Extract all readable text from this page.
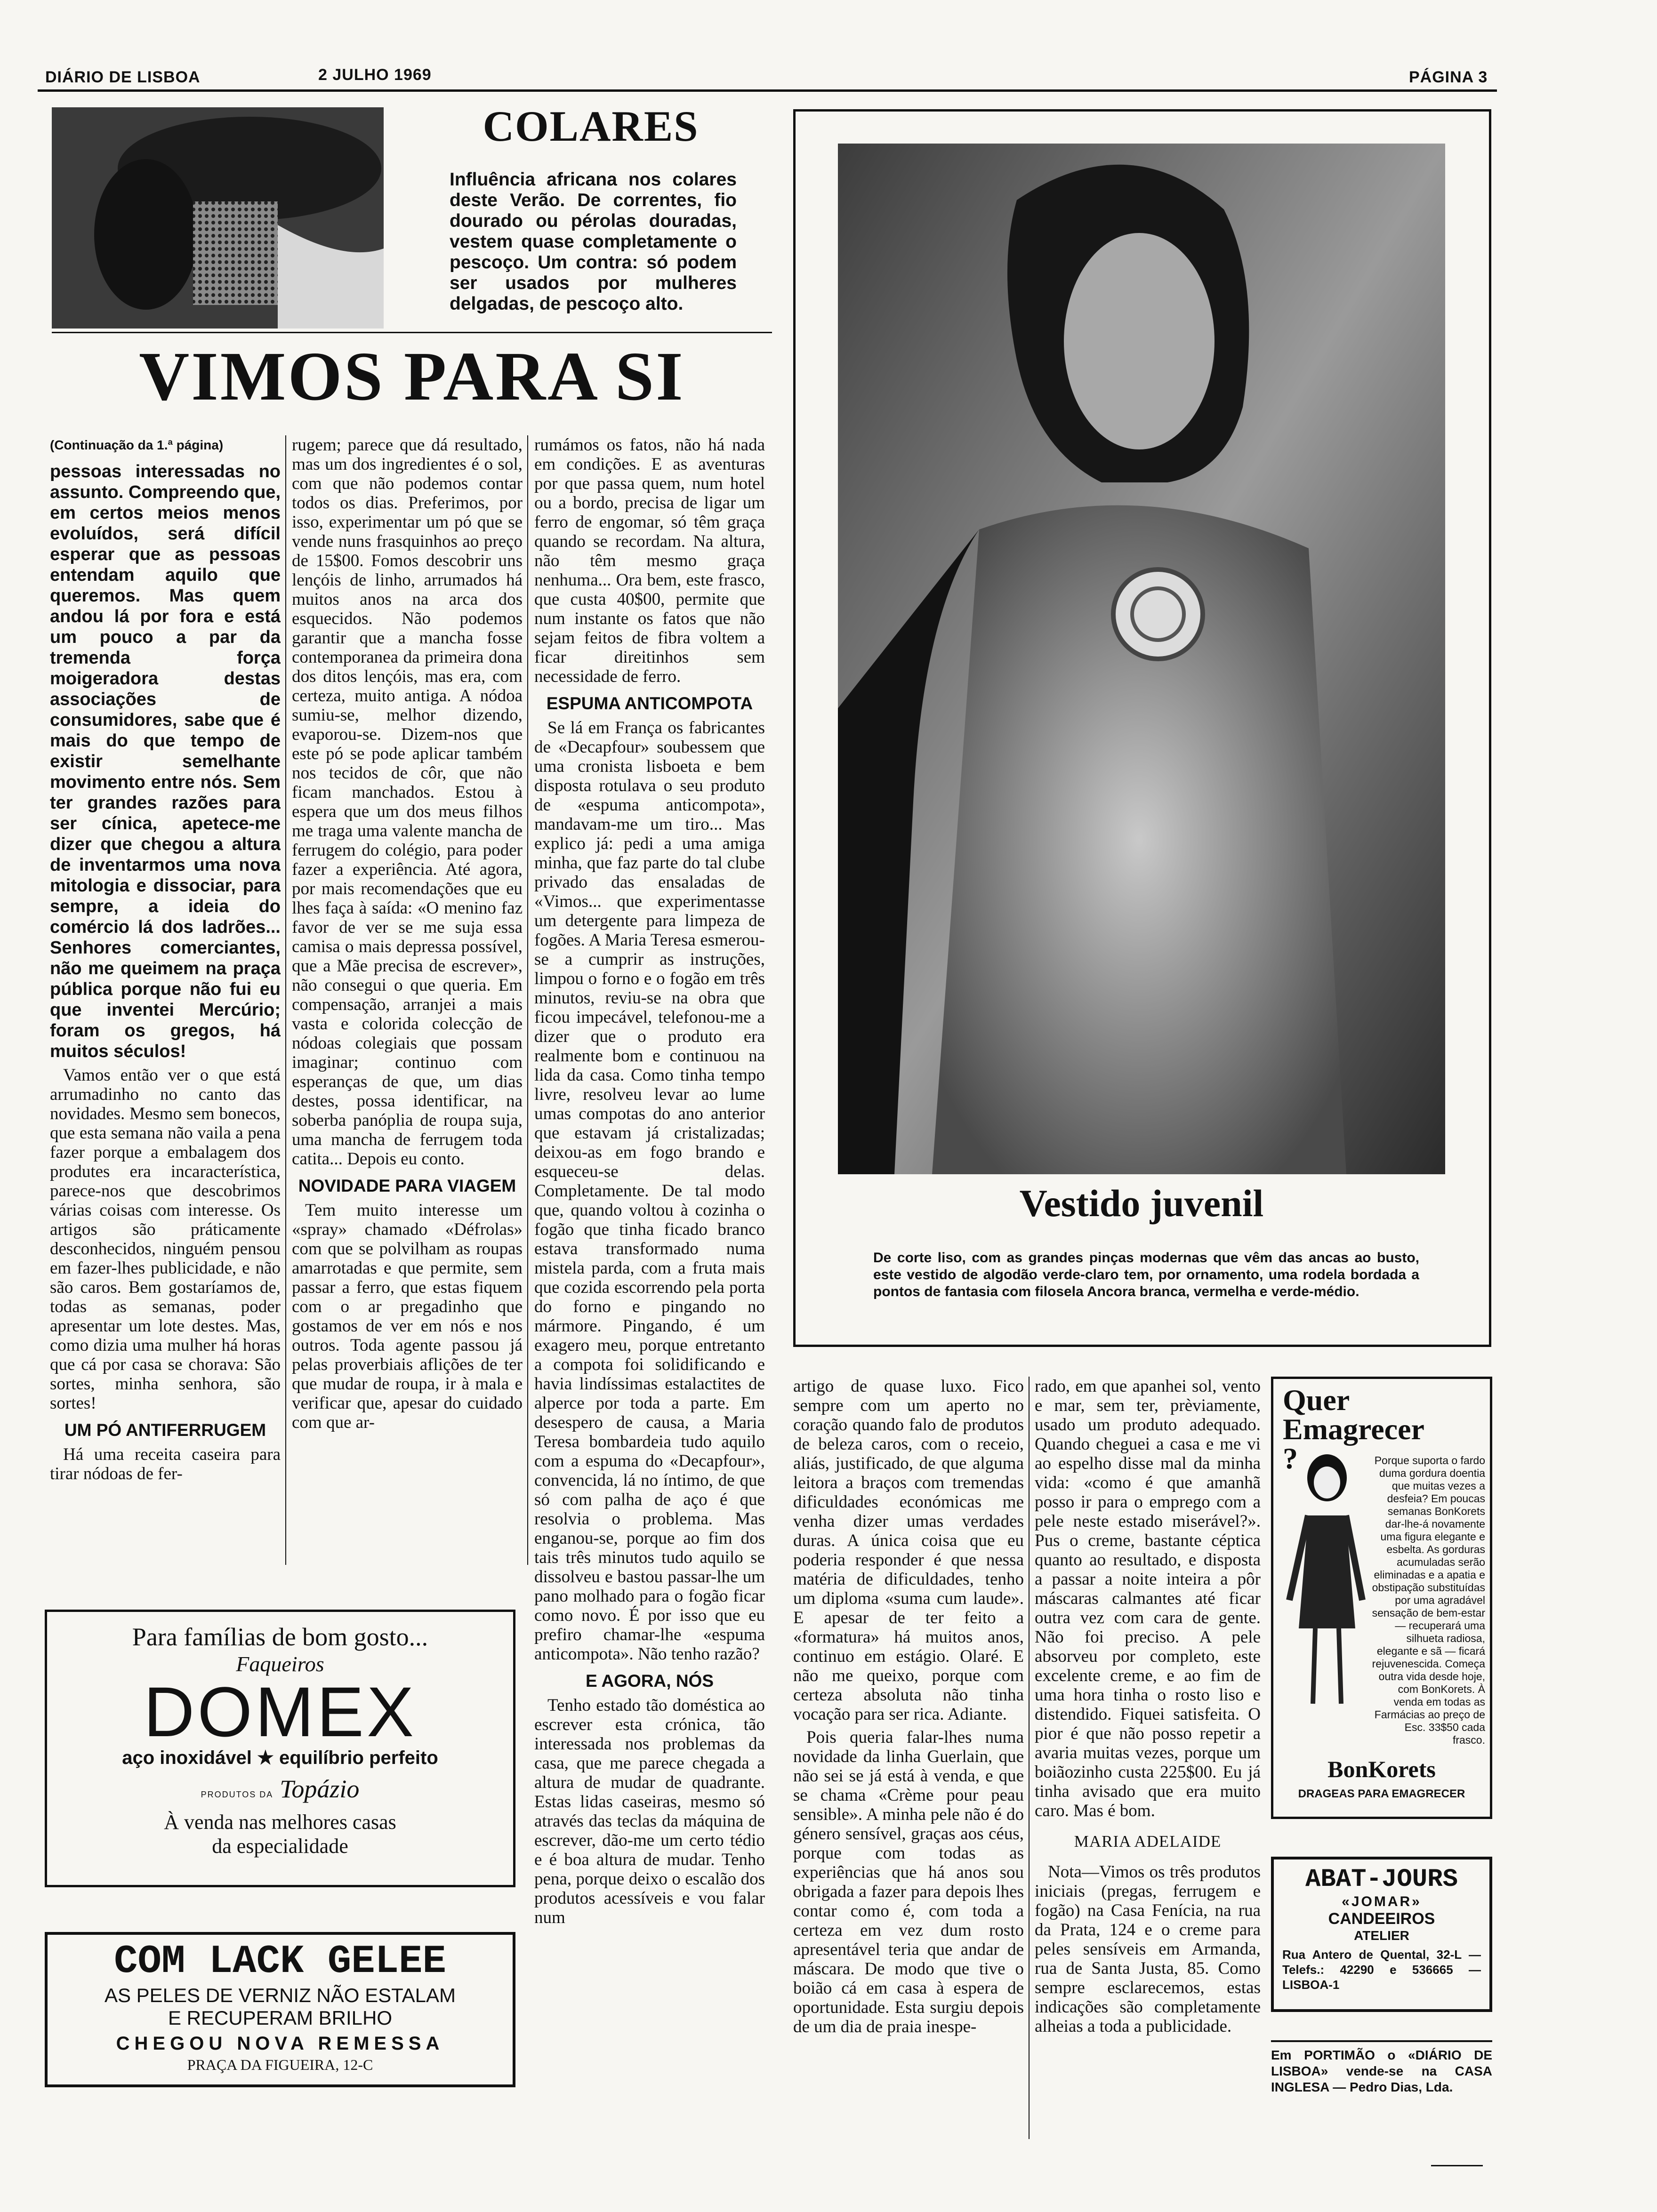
DIÁRIO DE LISBOA	2 JULHO 1969	PÁGINA 3
COLARES
Influência africana nos colares deste Verão. De correntes, fio dourado ou pérolas douradas, vestem quase completamente o pescoço. Um contra: só podem ser usados por mulheres delgadas, de pescoço alto.
VIMOS PARA SI
(Continuação da 1.ª página)

pessoas interessadas no assunto. Compreendo que, em certos meios menos evoluídos, será difícil esperar que as pessoas entendam aquilo que queremos. Mas quem andou lá por fora e está um pouco a par da tremenda força moigeradora destas associações de consumidores, sabe que é mais do que tempo de existir semelhante movimento entre nós. Sem ter grandes razões para ser cínica, apetece-me dizer que chegou a altura de inventarmos uma nova mitologia e dissociar, para sempre, a ideia do comércio lá dos ladrões... Senhores comerciantes, não me queimem na praça pública porque não fui eu que inventei Mercúrio; foram os gregos, há muitos séculos!

Vamos então ver o que está arrumadinho no canto das novidades. Mesmo sem bonecos, que esta semana não vaila a pena fazer porque a embalagem dos produtes era incaracterística, parece-nos que descobrimos várias coisas com interesse. Os artigos são práticamente desconhecidos, ninguém pensou em fazer-lhes publicidade, e não são caros. Bem gostaríamos de, todas as semanas, poder apresentar um lote destes. Mas, como dizia uma mulher há horas que cá por casa se chorava: São sortes, minha senhora, são sortes!

UM PÓ ANTIFERRUGEM

Há uma receita caseira para tirar nódoas de fer-

rugem; parece que dá resultado, mas um dos ingredientes é o sol, com que não podemos contar todos os dias. Preferimos, por isso, experimentar um pó que se vende nuns frasquinhos ao preço de 15$00. Fomos descobrir uns lençóis de linho, arrumados há muitos anos na arca dos esquecidos. Não podemos garantir que a mancha fosse contemporanea da primeira dona dos ditos lençóis, mas era, com certeza, muito antiga. A nódoa sumiu-se, melhor dizendo, evaporou-se. Dizem-nos que este pó se pode aplicar também nos tecidos de côr, que não ficam manchados. Estou à espera que um dos meus filhos me traga uma valente mancha de ferrugem do colégio, para poder fazer a experiência. Até agora, por mais recomendações que eu lhes faça à saída: «O menino faz favor de ver se me suja essa camisa o mais depressa possível, que a Mãe precisa de escrever», não consegui o que queria. Em compensação, arranjei a mais vasta e colorida colecção de nódoas colegiais que possam imaginar; continuo com esperanças de que, um dias destes, possa identificar, na soberba panóplia de roupa suja, uma mancha de ferrugem toda catita... Depois eu conto.

NOVIDADE PARA VIAGEM

Tem muito interesse um «spray» chamado «Défrolas» com que se polvilham as roupas amarrotadas e que permite, sem passar a ferro, que estas fiquem com o ar pregadinho que gostamos de ver em nós e nos outros. Toda agente passou já pelas proverbiais aflições de ter que mudar de roupa, ir à mala e verificar que, apesar do cuidado com que ar-

rumámos os fatos, não há nada em condições. E as aventuras por que passa quem, num hotel ou a bordo, precisa de ligar um ferro de engomar, só têm graça quando se recordam. Na altura, não têm mesmo graça nenhuma... Ora bem, este frasco, que custa 40$00, permite que num instante os fatos que não sejam feitos de fibra voltem a ficar direitinhos sem necessidade de ferro.

ESPUMA ANTICOMPOTA

Se lá em França os fabricantes de «Decapfour» soubessem que uma cronista lisboeta e bem disposta rotulava o seu produto de «espuma anticompota», mandavam-me um tiro... Mas explico já: pedi a uma amiga minha, que faz parte do tal clube privado das ensaladas de «Vimos... que experimentasse um detergente para limpeza de fogões. A Maria Teresa esmerou-se a cumprir as instruções, limpou o forno e o fogão em três minutos, reviu-se na obra que ficou impecável, telefonou-me a dizer que o produto era realmente bom e continuou na lida da casa. Como tinha tempo livre, resolveu levar ao lume umas compotas do ano anterior que estavam já cristalizadas; deixou-as em fogo brando e esqueceu-se delas. Completamente. De tal modo que, quando voltou à cozinha o fogão que tinha ficado branco estava transformado numa mistela parda, com a fruta mais que cozida escorrendo pela porta do forno e pingando no mármore. Pingando, é um exagero meu, porque entretanto a compota foi solidificando e havia lindíssimas estalactites de alperce por toda a parte. Em desespero de causa, a Maria Teresa bombardeia tudo aquilo com a espuma do «Decapfour», convencida, lá no íntimo, de que só com palha de aço é que resolvia o problema. Mas enganou-se, porque ao fim dos tais três minutos tudo aquilo se dissolveu e bastou passar-lhe um pano molhado para o fogão ficar como novo. É por isso que eu prefiro chamar-lhe «espuma anticompota». Não tenho razão?

E AGORA, NÓS

Tenho estado tão doméstica ao escrever esta crónica, tão interessada nos problemas da casa, que me parece chegada a altura de mudar de quadrante. Estas lidas caseiras, mesmo só através das teclas da máquina de escrever, dão-me um certo tédio e é boa altura de mudar. Tenho pena, porque deixo o escalão dos produtos acessíveis e vou falar num

Vestido juvenil
De corte liso, com as grandes pinças modernas que vêm das ancas ao busto, este vestido de algodão verde-claro tem, por ornamento, uma rodela bordada a pontos de fantasia com filosela Ancora branca, vermelha e verde-médio.

artigo de quase luxo. Fico sempre com um aperto no coração quando falo de produtos de beleza caros, com o receio, aliás, justificado, de que alguma leitora a braços com tremendas dificuldades económicas me venha dizer umas verdades duras. A única coisa que eu poderia responder é que nessa matéria de dificuldades, tenho um diploma «suma cum laude». E apesar de ter feito a «formatura» há muitos anos, continuo em estágio. Olaré. E não me queixo, porque com certeza absoluta não tinha vocação para ser rica. Adiante.

Pois queria falar-lhes numa novidade da linha Guerlain, que não sei se já está à venda, e que se chama «Crème pour peau sensible». A minha pele não é do género sensível, graças aos céus, porque com todas as experiências que há anos sou obrigada a fazer para depois lhes contar como é, com toda a certeza em vez dum rosto apresentável teria que andar de máscara. De modo que tive o boião cá em casa à espera de oportunidade. Esta surgiu depois de um dia de praia inespe-

rado, em que apanhei sol, vento e mar, sem ter, prèviamente, usado um produto adequado. Quando cheguei a casa e me vi ao espelho disse mal da minha vida: «como é que amanhã posso ir para o emprego com a pele neste estado miserável?». Pus o creme, bastante céptica quanto ao resultado, e disposta a passar a noite inteira a pôr máscaras calmantes até ficar outra vez com cara de gente. Não foi preciso. A pele absorveu por completo, este excelente creme, e ao fim de uma hora tinha o rosto liso e distendido. Fiquei satisfeita. O pior é que não posso repetir a avaria muitas vezes, porque um boiãozinho custa 225$00. Eu já tinha avisado que era muito caro. Mas é bom.

MARIA ADELAIDE

Nota—Vimos os três produtos iniciais (pregas, ferrugem e fogão) na Casa Fenícia, na rua da Prata, 124 e o creme para peles sensíveis em Armanda, rua de Santa Justa, 85. Como sempre esclarecemos, estas indicações são completamente alheias a toda a publicidade.

Para famílias de bom gosto...
Faqueiros
DOMEX
aço inoxidável ★ equilíbrio perfeito
PRODUTOS DA Topázio
À venda nas melhores casas
da especialidade
COM LACK GELEE
AS PELES DE VERNIZ NÃO ESTALAM
E RECUPERAM BRILHO
CHEGOU NOVA REMESSA
PRAÇA DA FIGUEIRA, 12-C
Quer Emagrecer ?	Porque suporta o fardo duma gordura doentia que muitas vezes a desfeia? Em poucas semanas BonKorets dar-lhe-á novamente uma figura elegante e esbelta. As gorduras acumuladas serão eliminadas e a apatia e obstipação substituídas por uma agradável sensação de bem-estar — recuperará uma silhueta radiosa, elegante e sã — ficará rejuvenescida. Começa outra vida desde hoje, com BonKorets. À venda em todas as Farmácias ao preço de Esc. 33$50 cada frasco.
BonKorets
DRAGEAS PARA EMAGRECER
ABAT-JOURS
«JOMAR»
CANDEEIROS
ATELIER
Rua Antero de Quental, 32-L — Telefs.: 42290 e 536665 — LISBOA-1
Em PORTIMÃO o «DIÁRIO DE LISBOA» vende-se na CASA INGLESA — Pedro Dias, Lda.
